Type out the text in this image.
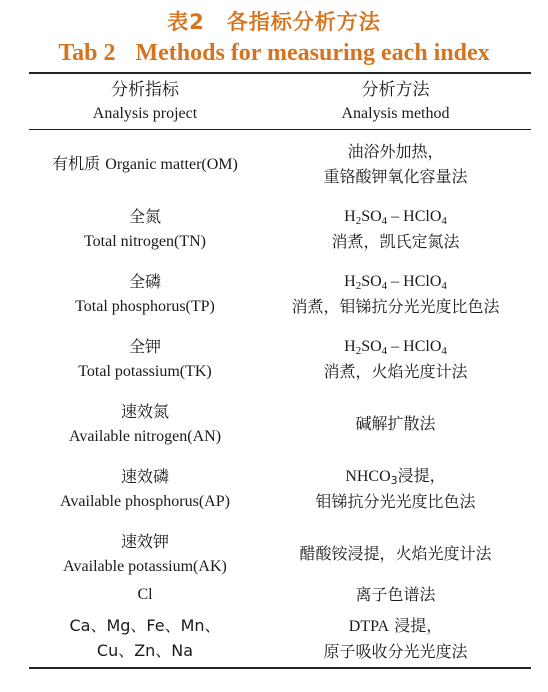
表2　各指标分析方法
Tab 2 Methods for measuring each index
分析指标
Analysis project
分析方法
Analysis method
有机质 Organic matter(OM)
油浴外加热，
重铬酸钾氧化容量法
全氮
Total nitrogen(TN)
$H_2SO_4$ – HClO$_4$
消煮，凯氏定氮法
全磷
Total phosphorus(TP)
$H_2SO_4$ – HClO$_4$
消煮，钼锑抗分光光度比色法
全钾
Total potassium(TK)
$H_2SO_4$ – HClO$_4$
消煮，火焰光度计法
速效氮
Available nitrogen(AN)
碱解扩散法
速效磷
Available phosphorus(AP)
$NHCO_3$浸提，
钼锑抗分光光度比色法
速效钾
Available potassium(AK)
醋酸铵浸提，火焰光度计法
Cl	离子色谱法
Ca、Mg、Fe、Mn、
Cu、Zn、Na
DTPA 浸提，
原子吸收分光光度法
